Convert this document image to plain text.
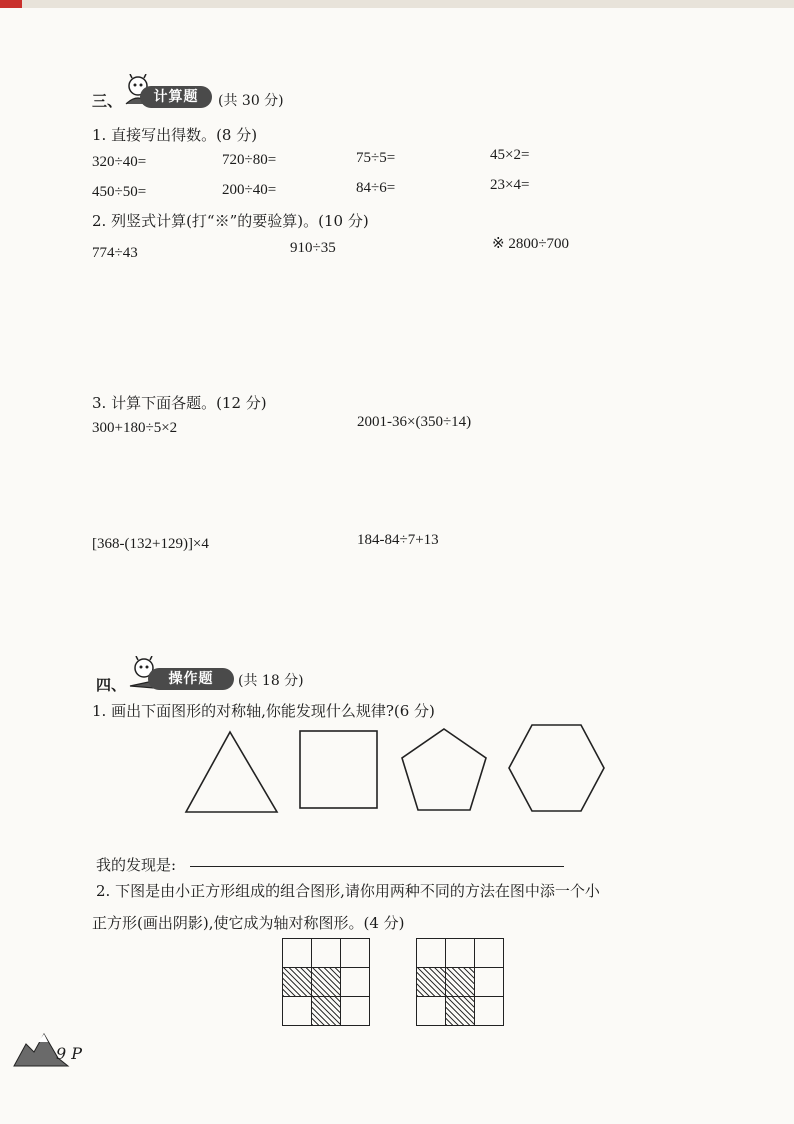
三、	计算题	(共 30 分)
1. 直接写出得数。(8 分)
320÷40=	720÷80=	75÷5=	45×2=
450÷50=	200÷40=	84÷6=	23×4=
2. 列竖式计算(打“※”的要验算)。(10 分)
774÷43	910÷35	※ 2800÷700
3. 计算下面各题。(12 分)
300+180÷5×2	2001-36×(350÷14)
[368-(132+129)]×4	184-84÷7+13
四、	操作题	(共 18 分)
1. 画出下面图形的对称轴,你能发现什么规律?(6 分)
我的发现是:
2. 下图是由小正方形组成的组合图形,请你用两种不同的方法在图中添一个小
正方形(画出阴影),使它成为轴对称图形。(4 分)
9 P
